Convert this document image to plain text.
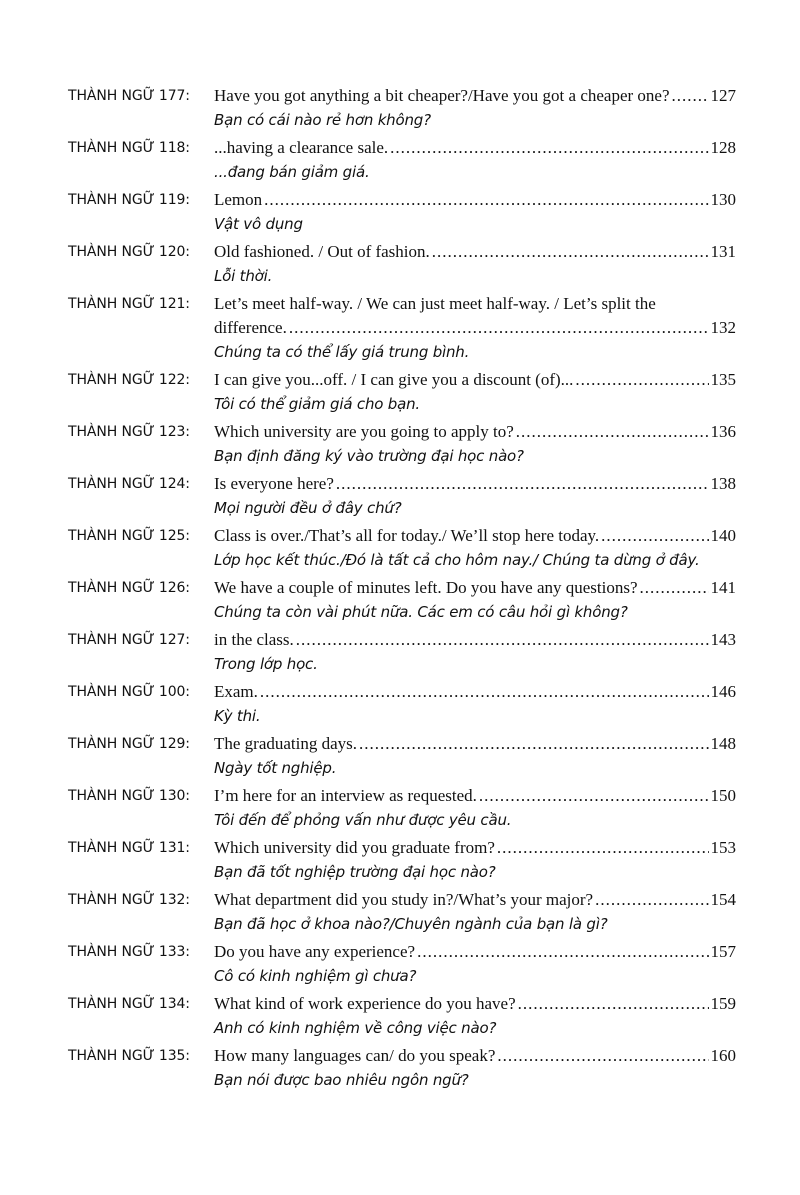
THÀNH NGỮ 177:	Have you got anything a bit cheaper?/Have you got a cheaper one? ..... 127
Bạn có cái nào rẻ hơn không?
THÀNH NGỮ 118:	...having a clearance sale. .....	128
...đang bán giảm giá.
THÀNH NGỮ 119:	Lemon .....	130
Vật vô dụng
THÀNH NGỮ 120:	Old fashioned. / Out of fashion. .....	131
Lỗi thời.
THÀNH NGỮ 121:	Let’s meet half-way. / We can just meet half-way. / Let’s split the
difference. .....	132
Chúng ta có thể lấy giá trung bình.
THÀNH NGỮ 122:	I can give you...off. / I can give you a discount (of)... .....	135
Tôi có thể giảm giá cho bạn.
THÀNH NGỮ 123:	Which university are you going to apply to? .....	136
Bạn định đăng ký vào trường đại học nào?
THÀNH NGỮ 124:	Is everyone here? .....	138
Mọi người đều ở đây chứ?
THÀNH NGỮ 125:	Class is over./That’s all for today./ We’ll stop here today. .....	140
Lớp học kết thúc./Đó là tất cả cho hôm nay./ Chúng ta dừng ở đây.
THÀNH NGỮ 126:	We have a couple of minutes left. Do you have any questions? .....	141
Chúng ta còn vài phút nữa. Các em có câu hỏi gì không?
THÀNH NGỮ 127:	in the class. .....	143
Trong lớp học.
THÀNH NGỮ 100:	Exam. .....	146
Kỳ thi.
THÀNH NGỮ 129:	The graduating days. .....	148
Ngày tốt nghiệp.
THÀNH NGỮ 130:	I’m here for an interview as requested. .....	150
Tôi đến để phỏng vấn như được yêu cầu.
THÀNH NGỮ 131:	Which university did you graduate from? .....	153
Bạn đã tốt nghiệp trường đại học nào?
THÀNH NGỮ 132:	What department did you study in?/What’s your major? .....	154
Bạn đã học ở khoa nào?/Chuyên ngành của bạn là gì?
THÀNH NGỮ 133:	Do you have any experience? .....	157
Cô có kinh nghiệm gì chưa?
THÀNH NGỮ 134:	What kind of work experience do you have? .....	159
Anh có kinh nghiệm về công việc nào?
THÀNH NGỮ 135:	How many languages can/ do you speak? .....	160
Bạn nói được bao nhiêu ngôn ngữ?
